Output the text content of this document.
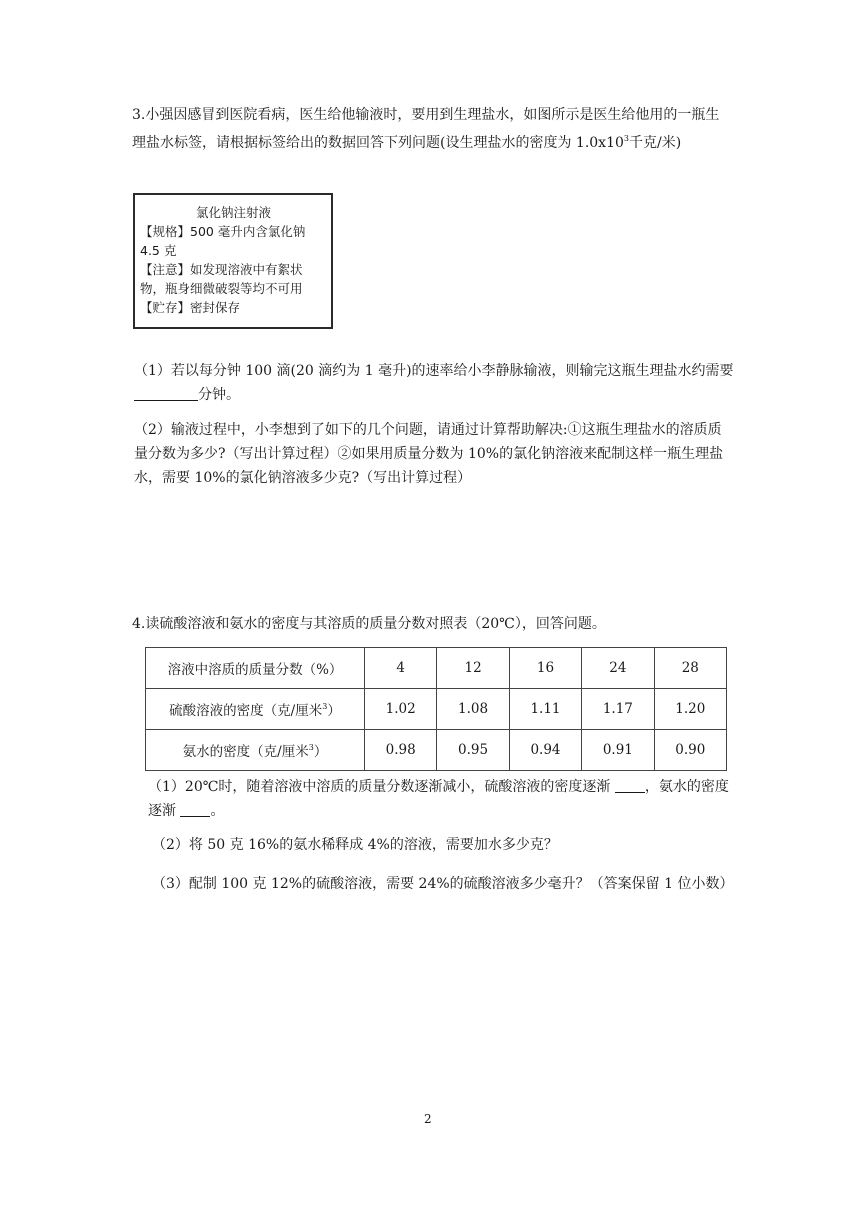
3.小强因感冒到医院看病，医生给他输液时，要用到生理盐水，如图所示是医生给他用的一瓶生理盐水标签，请根据标签给出的数据回答下列问题(设生理盐水的密度为 $1.0x10^3$千克/米)

氯化钠注射液
【规格】500 毫升内含氯化钠
4.5 克
【注意】如发现溶液中有絮状
物，瓶身细微破裂等均不可用
【贮存】密封保存

（1）若以每分钟 100 滴(20 滴约为 1 毫升)的速率给小李静脉输液，则输完这瓶生理盐水约需要分钟。

（2）输液过程中，小李想到了如下的几个问题，请通过计算帮助解决:①这瓶生理盐水的溶质质量分数为多少?（写出计算过程）②如果用质量分数为 10%的氯化钠溶液来配制这样一瓶生理盐水，需要 10%的氯化钠溶液多少克?（写出计算过程）

4.读硫酸溶液和氨水的密度与其溶质的质量分数对照表（20℃），回答问题。

溶液中溶质的质量分数（%）	4	12	16	24	28
硫酸溶液的密度（克/厘米$^3$）	1.02	1.08	1.11	1.17	1.20
氨水的密度（克/厘米$^3$）	0.98	0.95	0.94	0.91	0.90

（1）20℃时，随着溶液中溶质的质量分数逐渐减小，硫酸溶液的密度逐渐 ，氨水的密度逐渐 。

（2）将 50 克 16%的氨水稀释成 4%的溶液，需要加水多少克？

（3）配制 100 克 12%的硫酸溶液，需要 24%的硫酸溶液多少毫升？（答案保留 1 位小数）

2
